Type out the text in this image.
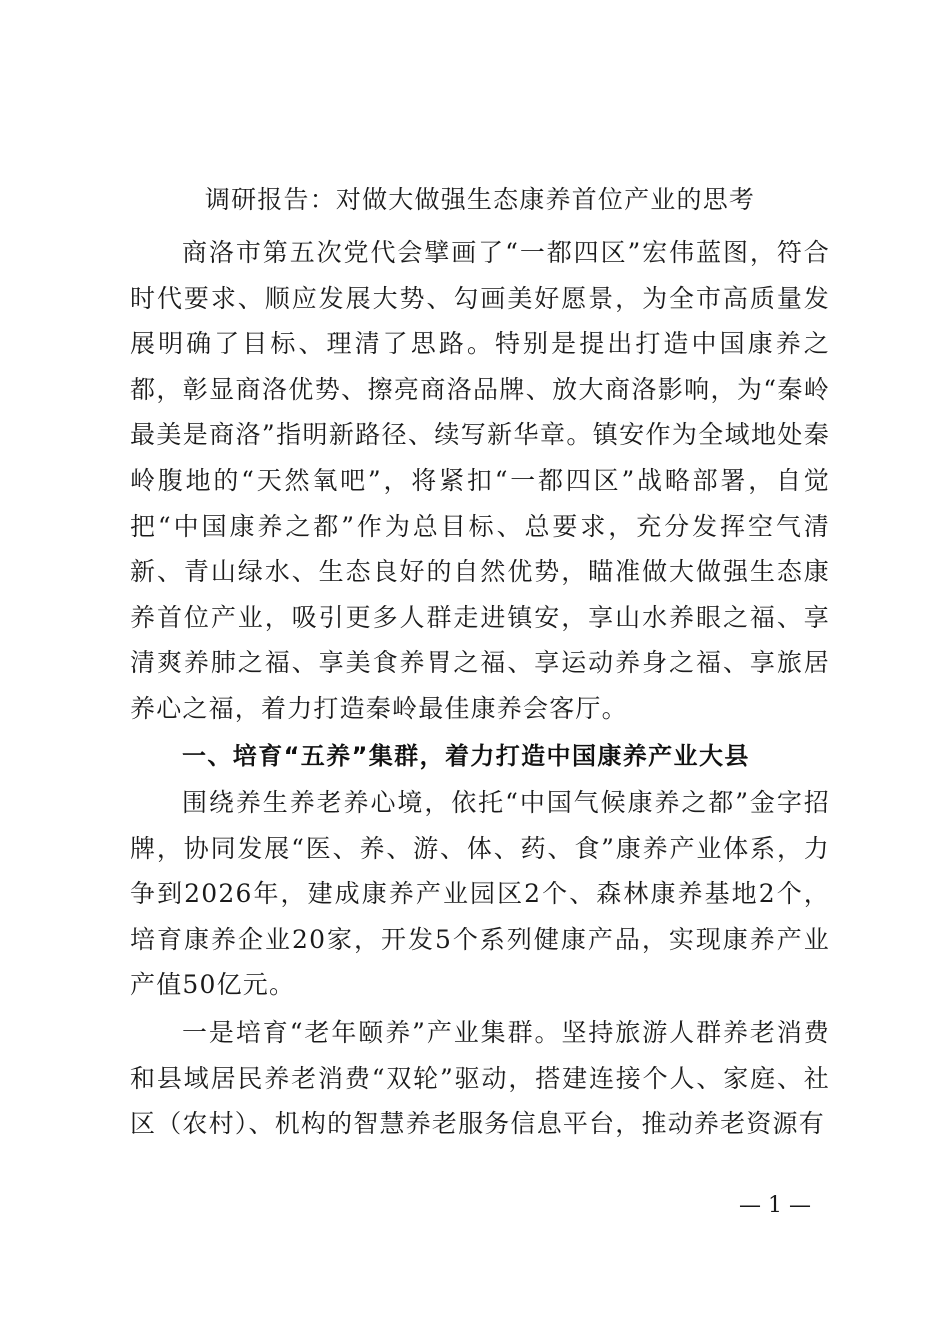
调研报告：对做大做强生态康养首位产业的思考
商洛市第五次党代会擘画了“一都四区”宏伟蓝图，符合时代要求、顺应发展大势、勾画美好愿景，为全市高质量发展明确了目标、理清了思路。特别是提出打造中国康养之都，彰显商洛优势、擦亮商洛品牌、放大商洛影响，为“秦岭最美是商洛”指明新路径、续写新华章。镇安作为全域地处秦岭腹地的“天然氧吧”，将紧扣“一都四区”战略部署，自觉把“中国康养之都”作为总目标、总要求，充分发挥空气清新、青山绿水、生态良好的自然优势，瞄准做大做强生态康养首位产业，吸引更多人群走进镇安，享山水养眼之福、享清爽养肺之福、享美食养胃之福、享运动养身之福、享旅居养心之福，着力打造秦岭最佳康养会客厅。
一、培育“五养”集群，着力打造中国康养产业大县
围绕养生养老养心境，依托“中国气候康养之都”金字招牌，协同发展“医、养、游、体、药、食”康养产业体系，力争到2026年，建成康养产业园区2个、森林康养基地2个，培育康养企业20家，开发5个系列健康产品，实现康养产业产值50亿元。
一是培育“老年颐养”产业集群。坚持旅游人群养老消费和县域居民养老消费“双轮”驱动，搭建连接个人、家庭、社区（农村）、机构的智慧养老服务信息平台，推动养老资源有
— 1 —
